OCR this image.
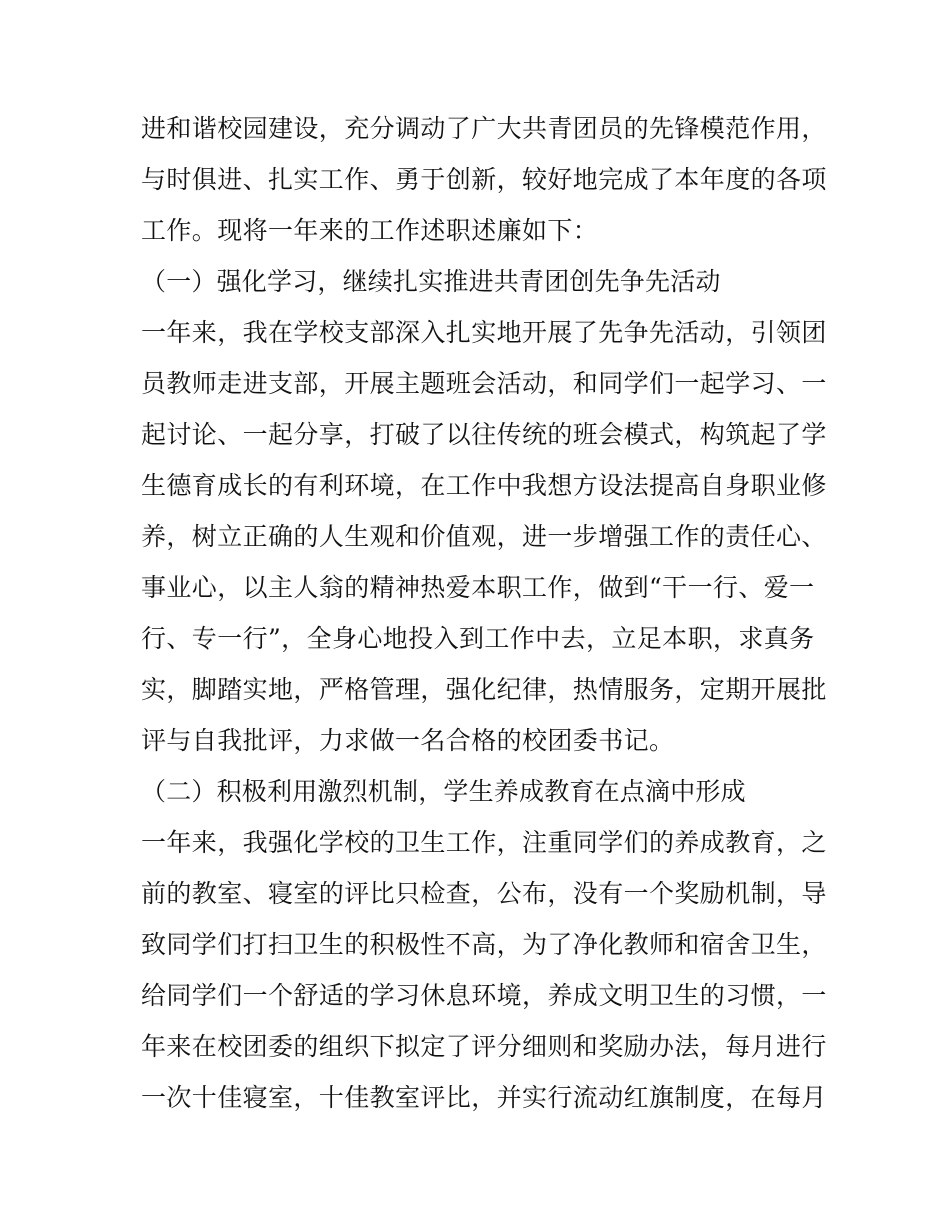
进和谐校园建设，充分调动了广大共青团员的先锋模范作用，
与时俱进、扎实工作、勇于创新，较好地完成了本年度的各项
工作。现将一年来的工作述职述廉如下：
（一）强化学习，继续扎实推进共青团创先争先活动
一年来，我在学校支部深入扎实地开展了先争先活动，引领团
员教师走进支部，开展主题班会活动，和同学们一起学习、一
起讨论、一起分享，打破了以往传统的班会模式，构筑起了学
生德育成长的有利环境，在工作中我想方设法提高自身职业修
养，树立正确的人生观和价值观，进一步增强工作的责任心、
事业心，以主人翁的精神热爱本职工作，做到“干一行、爱一
行、专一行”，全身心地投入到工作中去，立足本职，求真务
实，脚踏实地，严格管理，强化纪律，热情服务，定期开展批
评与自我批评，力求做一名合格的校团委书记。
（二）积极利用激烈机制，学生养成教育在点滴中形成
一年来，我强化学校的卫生工作，注重同学们的养成教育，之
前的教室、寝室的评比只检查，公布，没有一个奖励机制，导
致同学们打扫卫生的积极性不高，为了净化教师和宿舍卫生，
给同学们一个舒适的学习休息环境，养成文明卫生的习惯，一
年来在校团委的组织下拟定了评分细则和奖励办法，每月进行
一次十佳寝室，十佳教室评比，并实行流动红旗制度，在每月
